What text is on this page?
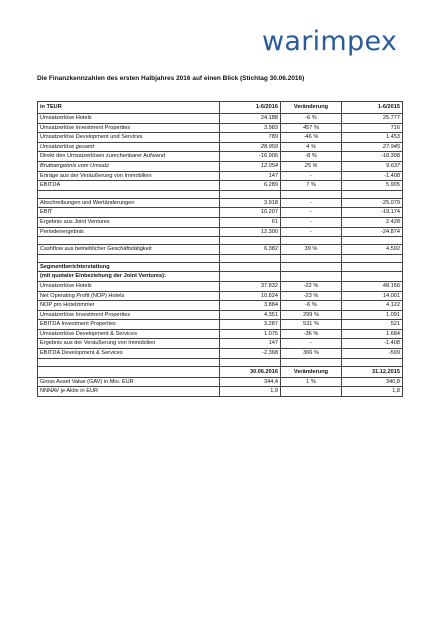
warimpex
Die Finanzkennzahlen des ersten Halbjahres 2016 auf einen Blick (Stichtag 30.06.2016)
in TEUR	1-6/2016	Veränderung	1-6/2015
Umsatzerlöse Hotels	24.188	-6 %	25.777
Umsatzerlöse Investment Properties	3.983	457 %	716
Umsatzerlöse Development und Services	789	-46 %	1.453
Umsatzerlöse gesamt	28.959	4 %	27.945
Direkt den Umsatzerlösen zurechenbarer Aufwand	-16.906	-8 %	-18.308
Bruttoergebnis vom Umsatz	12.054	25 %	9.637
Erträge aus der Veräußerung von Immobilien	147	-	-1.408
EBITDA	6.289	7 %	5.905

Abschreibungen und Wertänderungen	3.918	-	-25.079
EBIT	10.207	-	-19.174
Ergebnis aus Joint Ventures	61	-	2.428
Periodenergebnis	12.300	-	-24.874

Cashflow aus betrieblicher Geschäftstätigkeit	6.382	39 %	4.592

Segmentberichterstattung			
(mit quotaler Einbeziehung der Joint Ventures):			
Umsatzerlöse Hotels	37.832	-22 %	48.156
Net Operating Profit (NOP) Hotels	10.824	-23 %	14.001
NOP pro Hotelzimmer	3.884	-6 %	4.122
Umsatzerlöse Investment Properties	4.351	299 %	1.091
EBITDA Investment Properties	3.287	531 %	521
Umsatzerlöse Development & Services	1.075	-36 %	1.684
Ergebnis aus der Veräußerung von Immobilien	147	-	-1.408
EBITDA Development & Services	-2.368	366 %	-509

	30.06.2016	Veränderung	31.12.2015
Gross Asset Value (GAV) in Mio. EUR	344,4	1 %	340,8
NNNAV je Aktie in EUR	1,9		1,8
